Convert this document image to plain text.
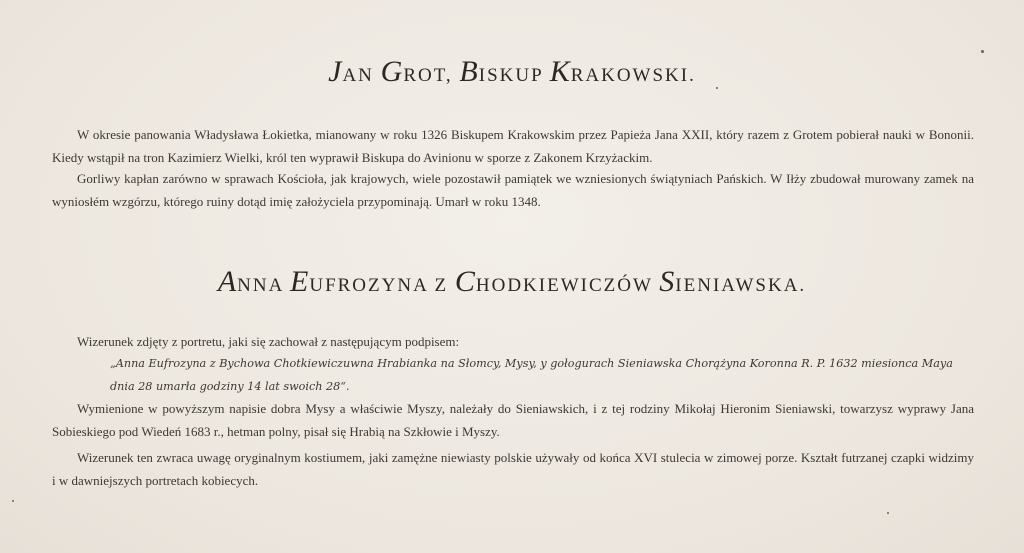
JAN GROT, BISKUP KRAKOWSKI.

W okresie panowania Władysława Łokietka, mianowany w roku 1326 Biskupem Krakowskim przez Papieża Jana XXII, który razem z Grotem pobierał nauki w Bononii. Kiedy wstąpił na tron Kazimierz Wielki, król ten wyprawił Biskupa do Avinionu w sporze z Zakonem Krzyżackim.

Gorliwy kapłan zarówno w sprawach Kościoła, jak krajowych, wiele pozostawił pamiątek we wzniesionych świątyniach Pańskich. W Iłży zbudował murowany zamek na wyniosłém wzgórzu, którego ruiny dotąd imię założyciela przypominają. Umarł w roku 1348.

ANNA EUFROZYNA Z CHODKIEWICZÓW SIENIAWSKA.

Wizerunek zdjęty z portretu, jaki się zachował z następującym podpisem:

„Anna Eufrozyna z Bychowa Chotkiewiczuwna Hrabianka na Słomcy, Mysy, y gołogurach Sieniawska Chorążyna Koronna R. P. 1632 miesionca Maya dnia 28 umarła godziny 14 lat swoich 28“.

Wymienione w powyższym napisie dobra Mysy a właściwie Myszy, należały do Sieniawskich, i z tej rodziny Mikołaj Hieronim Sieniawski, towarzysz wyprawy Jana Sobieskiego pod Wiedeń 1683 r., hetman polny, pisał się Hrabią na Szkłowie i Myszy.

Wizerunek ten zwraca uwagę oryginalnym kostiumem, jaki zamężne niewiasty polskie używały od końca XVI stulecia w zimowej porze. Kształt futrzanej czapki widzimy i w dawniejszych portretach kobiecych.
